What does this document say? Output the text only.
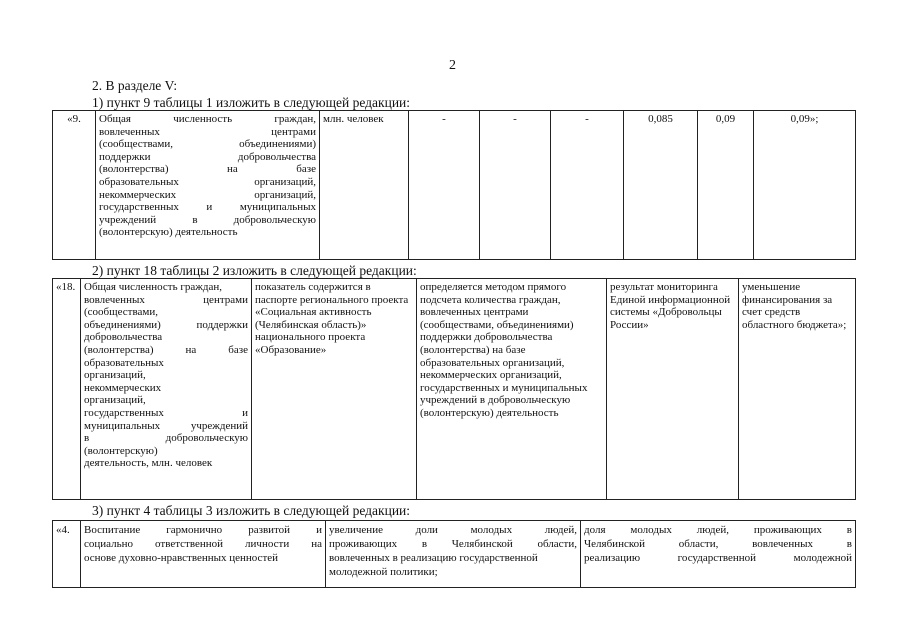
2
2. В разделе V:
1) пункт 9 таблицы 1 изложить в следующей редакции:
«9.	Общая численность граждан,
вовлеченных центрами
(сообществами, объединениями)
поддержки добровольчества
(волонтерства) на базе
образовательных организаций,
некоммерческих организаций,
государственных и муниципальных
учреждений в добровольческую
(волонтерскую) деятельность
	млн. человек	-	-	-	0,085	0,09	0,09»;
2) пункт 18 таблицы 2 изложить в следующей редакции:
«18.	Общая численность граждан,
вовлеченных центрами
(сообществами,
объединениями) поддержки
добровольчества
(волонтерства) на базе
образовательных
организаций,
некоммерческих
организаций,
государственных и
муниципальных учреждений
в добровольческую
(волонтерскую)
деятельность, млн. человек
	показатель содержится в паспорте регионального проекта «Социальная активность (Челябинская область)» национального проекта «Образование»	определяется методом прямого подсчета количества граждан, вовлеченных центрами (сообществами, объединениями) поддержки добровольчества (волонтерства) на базе образовательных организаций, некоммерческих организаций, государственных и муниципальных учреждений в добровольческую (волонтерскую) деятельность	результат мониторинга Единой информационной системы «Добровольцы России»	уменьшение финансирования за счет средств областного бюджета»;
3) пункт 4 таблицы 3 изложить в следующей редакции:
«4.	Воспитание гармонично развитой и
социально ответственной личности на
основе духовно-нравственных ценностей

увеличение доли молодых людей,
проживающих в Челябинской области,
вовлеченных в реализацию государственной молодежной политики;

доля молодых людей, проживающих в
Челябинской области, вовлеченных в
реализацию государственной молодежной
